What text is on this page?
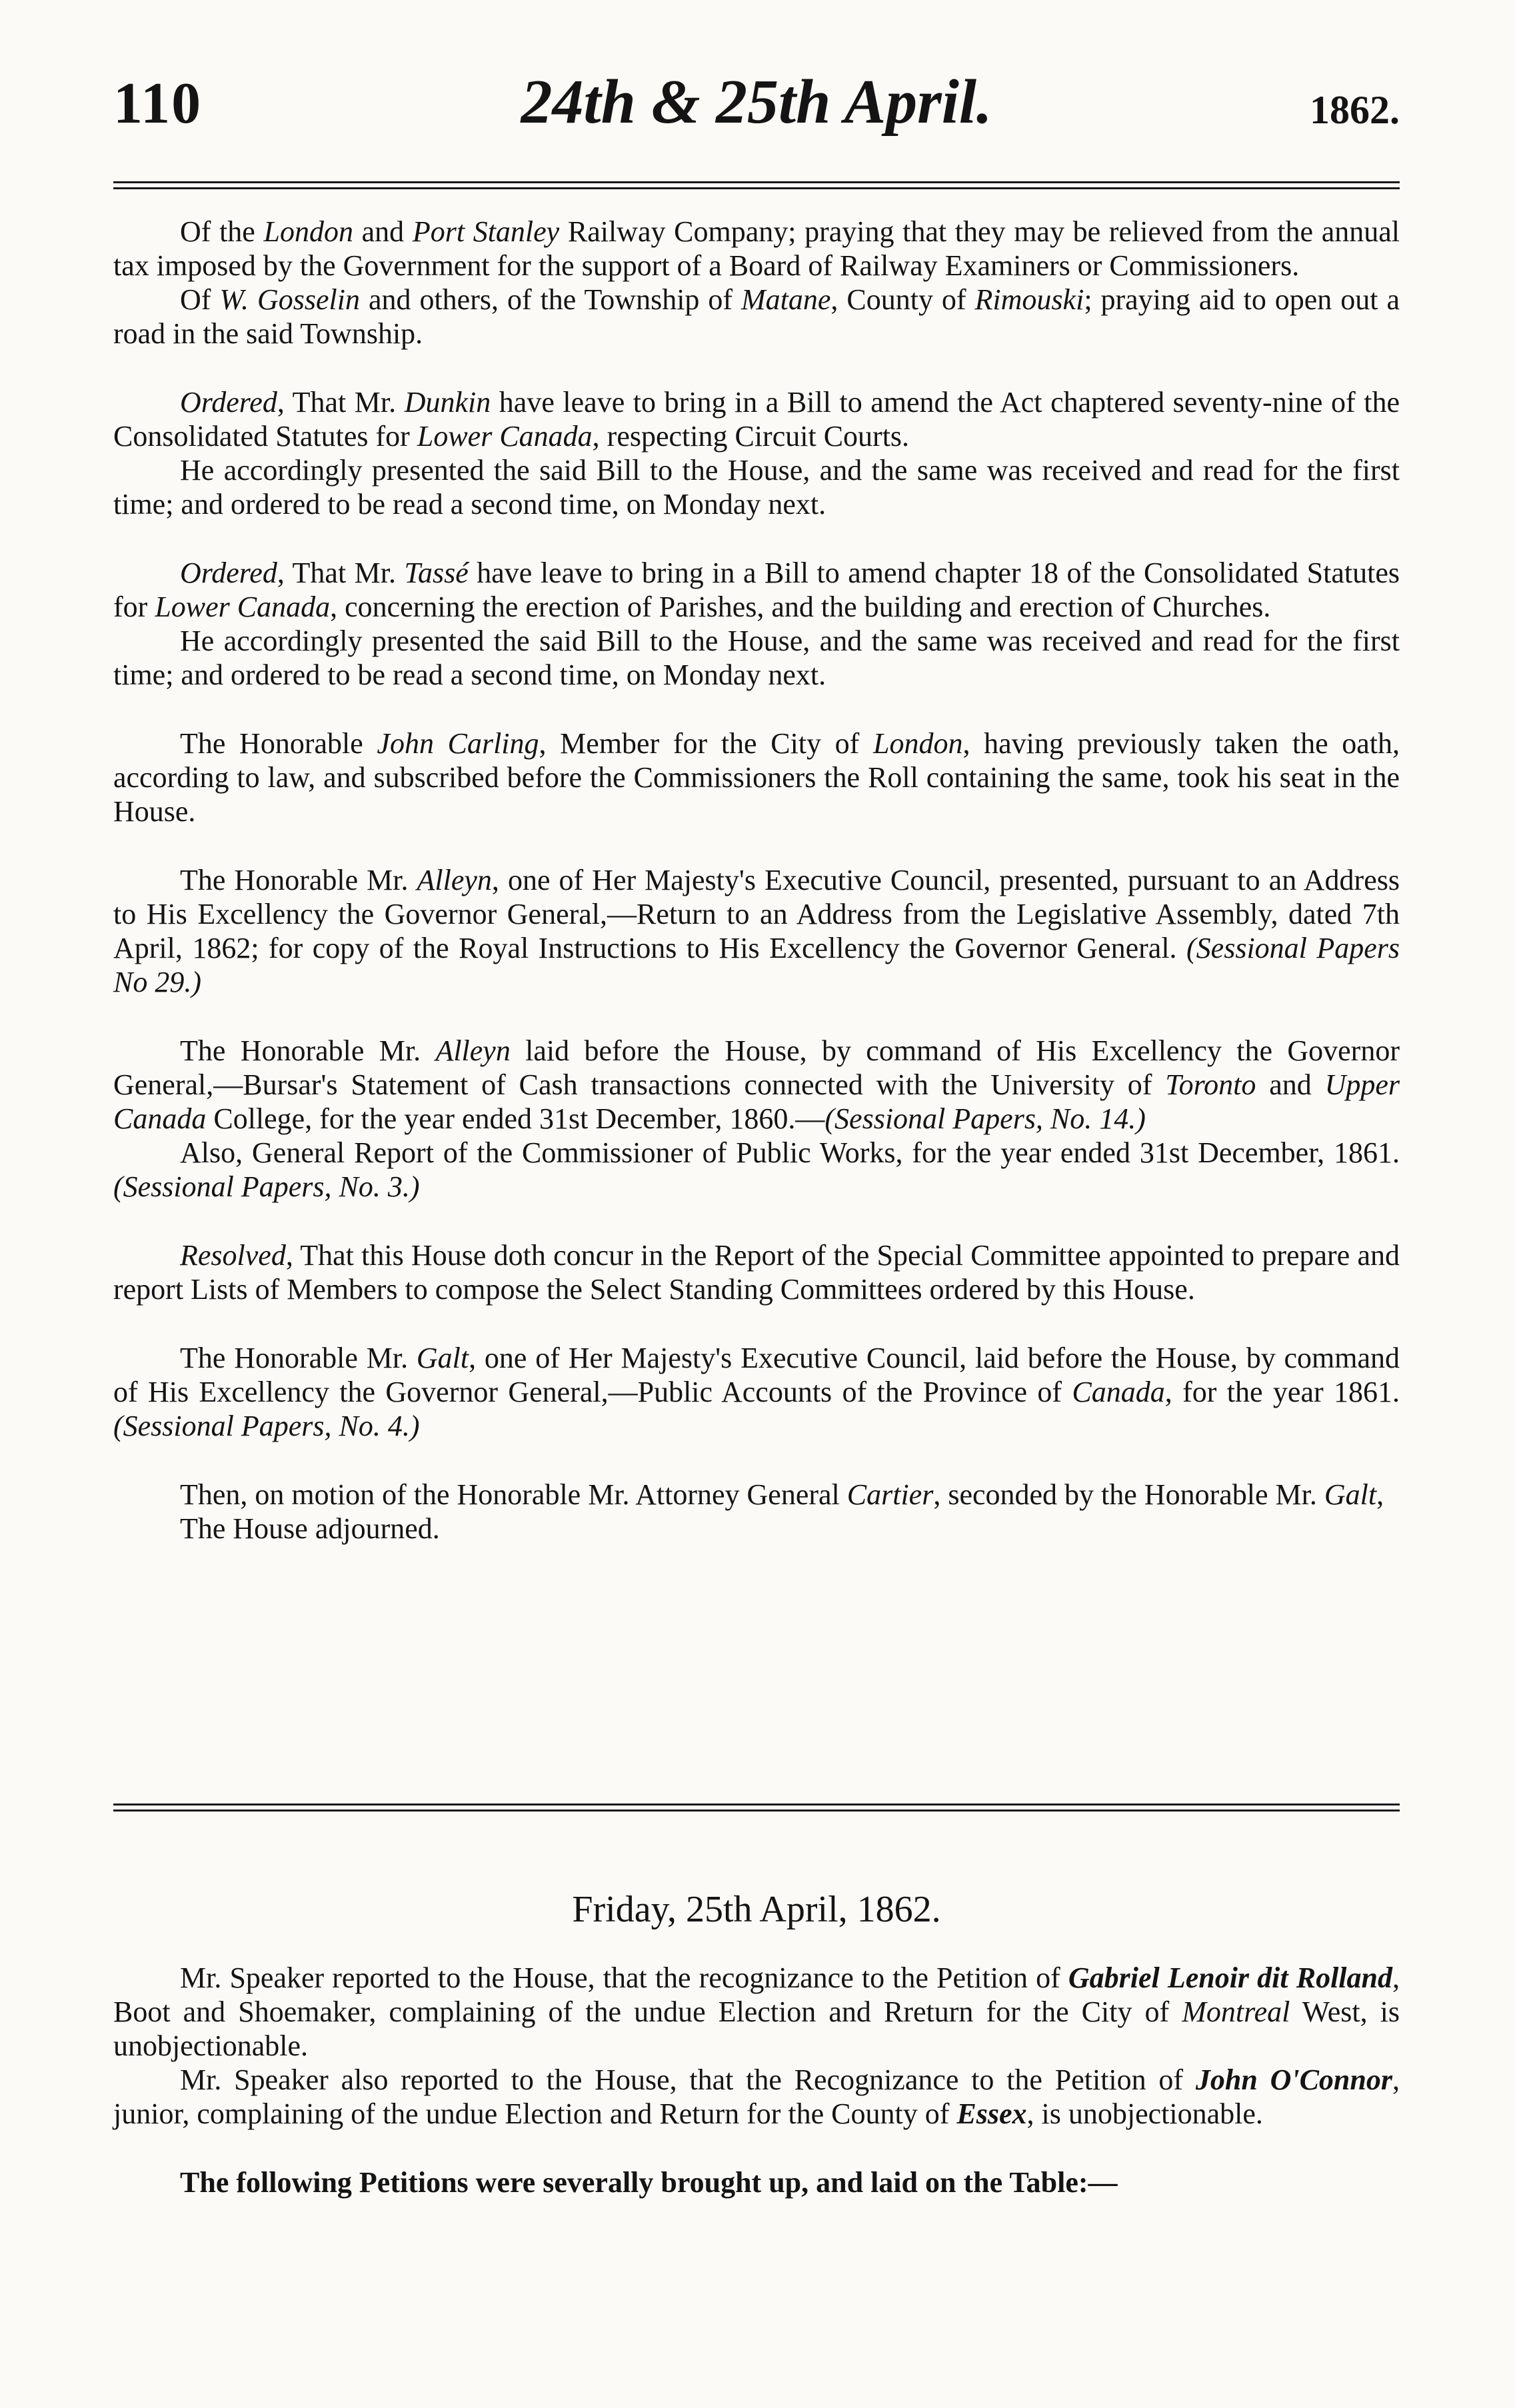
110	24th & 25th April.	1862.

Of the London and Port Stanley Railway Company; praying that they may be relieved from the annual tax imposed by the Government for the support of a Board of Railway Examiners or Commissioners.

Of W. Gosselin and others, of the Township of Matane, County of Rimouski; praying aid to open out a road in the said Township.

Ordered, That Mr. Dunkin have leave to bring in a Bill to amend the Act chaptered seventy-nine of the Consolidated Statutes for Lower Canada, respecting Circuit Courts.

He accordingly presented the said Bill to the House, and the same was received and read for the first time; and ordered to be read a second time, on Monday next.

Ordered, That Mr. Tassé have leave to bring in a Bill to amend chapter 18 of the Consolidated Statutes for Lower Canada, concerning the erection of Parishes, and the building and erection of Churches.

He accordingly presented the said Bill to the House, and the same was received and read for the first time; and ordered to be read a second time, on Monday next.

The Honorable John Carling, Member for the City of London, having previously taken the oath, according to law, and subscribed before the Commissioners the Roll containing the same, took his seat in the House.

The Honorable Mr. Alleyn, one of Her Majesty's Executive Council, presented, pursuant to an Address to His Excellency the Governor General,—Return to an Address from the Legislative Assembly, dated 7th April, 1862; for copy of the Royal Instructions to His Excellency the Governor General. (Sessional Papers No 29.)

The Honorable Mr. Alleyn laid before the House, by command of His Excellency the Governor General,—Bursar's Statement of Cash transactions connected with the University of Toronto and Upper Canada College, for the year ended 31st December, 1860.—(Sessional Papers, No. 14.)

Also, General Report of the Commissioner of Public Works, for the year ended 31st December, 1861. (Sessional Papers, No. 3.)

Resolved, That this House doth concur in the Report of the Special Committee appointed to prepare and report Lists of Members to compose the Select Standing Committees ordered by this House.

The Honorable Mr. Galt, one of Her Majesty's Executive Council, laid before the House, by command of His Excellency the Governor General,—Public Accounts of the Province of Canada, for the year 1861. (Sessional Papers, No. 4.)

Then, on motion of the Honorable Mr. Attorney General Cartier, seconded by the Honorable Mr. Galt,

The House adjourned.
Friday, 25th April, 1862.

Mr. Speaker reported to the House, that the recognizance to the Petition of Gabriel Lenoir dit Rolland, Boot and Shoemaker, complaining of the undue Election and Rreturn for the City of Montreal West, is unobjectionable.

Mr. Speaker also reported to the House, that the Recognizance to the Petition of John O'Connor, junior, complaining of the undue Election and Return for the County of Essex, is unobjectionable.

The following Petitions were severally brought up, and laid on the Table:—
